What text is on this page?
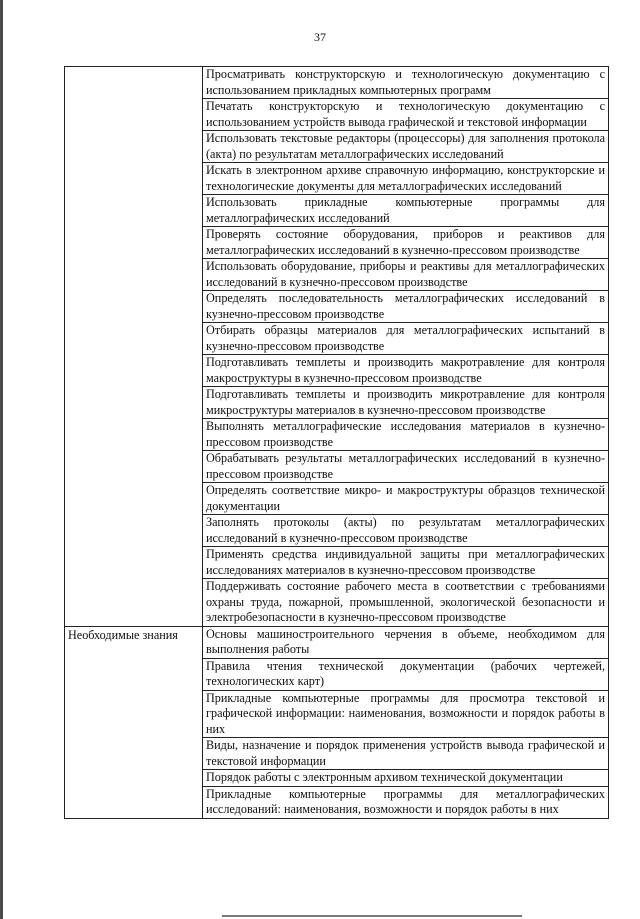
37
	Просматривать конструкторскую и технологическую документацию с использованием прикладных компьютерных программ
	Печатать конструкторскую и технологическую документацию с использованием устройств вывода графической и текстовой информации
	Использовать текстовые редакторы (процессоры) для заполнения протокола (акта) по результатам металлографических исследований
	Искать в электронном архиве справочную информацию, конструкторские и технологические документы для металлографических исследований
	Использовать прикладные компьютерные программы для металлографических исследований
	Проверять состояние оборудования, приборов и реактивов для металлографических исследований в кузнечно-прессовом производстве
	Использовать оборудование, приборы и реактивы для металлографических исследований в кузнечно-прессовом производстве
	Определять последовательность металлографических исследований в кузнечно-прессовом производстве
	Отбирать образцы материалов для металлографических испытаний в кузнечно-прессовом производстве
	Подготавливать темплеты и производить макротравление для контроля макроструктуры в кузнечно-прессовом производстве
	Подготавливать темплеты и производить микротравление для контроля микроструктуры материалов в кузнечно-прессовом производстве
	Выполнять металлографические исследования материалов в кузнечно-прессовом производстве
	Обрабатывать результаты металлографических исследований в кузнечно-прессовом производстве
	Определять соответствие микро- и макроструктуры образцов технической документации
	Заполнять протоколы (акты) по результатам металлографических исследований в кузнечно-прессовом производстве
	Применять средства индивидуальной защиты при металлографических исследованиях материалов в кузнечно-прессовом производстве
	Поддерживать состояние рабочего места в соответствии с требованиями охраны труда, пожарной, промышленной, экологической безопасности и электробезопасности в кузнечно-прессовом производстве
Необходимые знания	Основы машиностроительного черчения в объеме, необходимом для выполнения работы
	Правила чтения технической документации (рабочих чертежей, технологических карт)
	Прикладные компьютерные программы для просмотра текстовой и графической информации: наименования, возможности и порядок работы в них
	Виды, назначение и порядок применения устройств вывода графической и текстовой информации
	Порядок работы с электронным архивом технической документации
	Прикладные компьютерные программы для металлографических исследований: наименования, возможности и порядок работы в них
